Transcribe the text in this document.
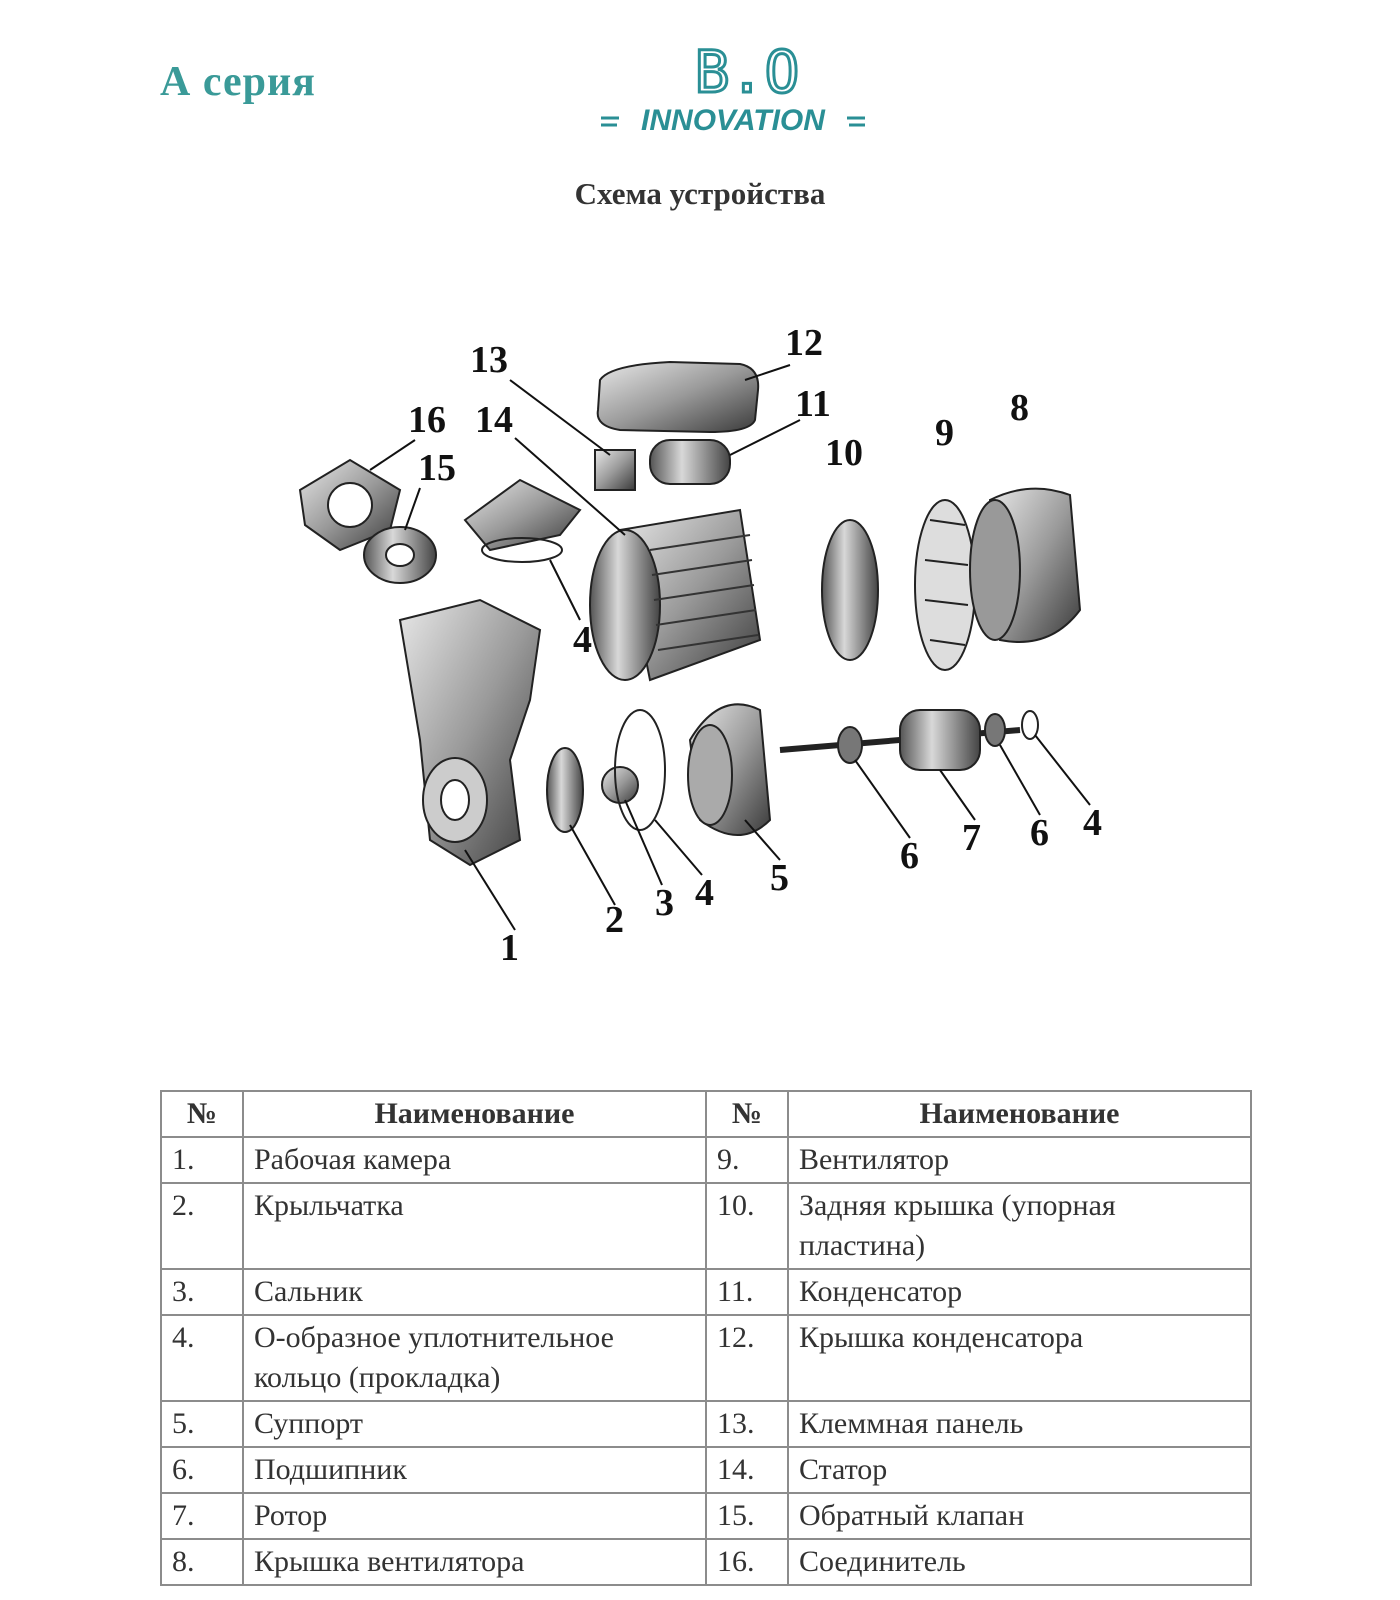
А серия	B.O
INNOVATION
Схема устройства
1
2 3 4
4
4
5
6
6
7
8
9
10
11
12
13
14
15
16
№	Наименование	№	Наименование
1.	Рабочая камера	9.	Вентилятор
2.	Крыльчатка	10.	Задняя крышка (упорная пластина)
3.	Сальник	11.	Конденсатор
4.	О-образное уплотнительное кольцо (прокладка)	12.	Крышка конденсатора
5.	Суппорт	13.	Клеммная панель
6.	Подшипник	14.	Статор
7.	Ротор	15.	Обратный клапан
8.	Крышка вентилятора	16.	Соединитель
